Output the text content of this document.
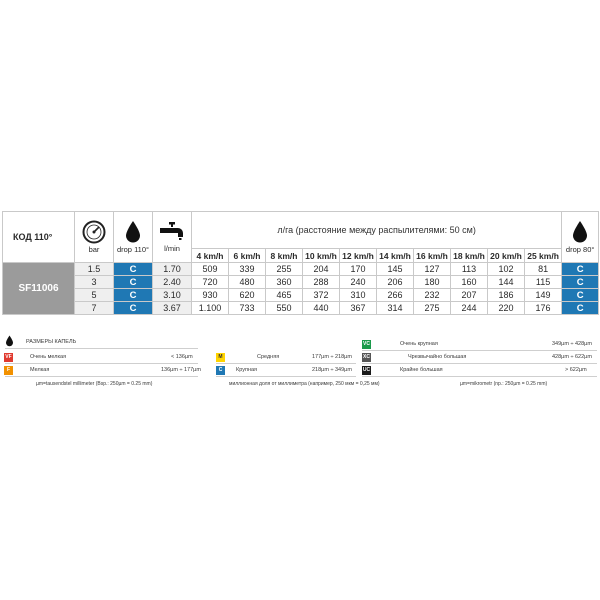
КОД 110°	bar	drop 110°	l/min	л/га (расстояние между распылителями: 50 см)										drop 80°

				4 km/h	6 km/h	8 km/h	10 km/h	12 km/h	14 km/h	16 km/h	18 km/h	20 km/h	25 km/h	
SF11006	1.5	C	1.70	509	339	255	204	170	145	127	113	102	81	C
	3	C	2.40	720	480	360	288	240	206	180	160	144	115	C
	5	C	3.10	930	620	465	372	310	266	232	207	186	149	C
	7	C	3.67	1.100	733	550	440	367	314	275	244	220	176	C
РАЗМЕРЫ КАПЕЛЬ
VF	Очень мелкая	< 136µm
F	Мелкая	136µm ÷ 177µm
M	Средняя	177µm ÷ 218µm
C	Крупная	218µm ÷ 349µm
VC	Очень крупная	349µm ÷ 428µm
XC	Чрезвычайно большая	428µm ÷ 622µm
UC	Крайне большая	> 622µm
µm=tausendstel millimeter (Bsp.: 250µm = 0.25 mm)	миллионная доля от миллиметра (например, 250 мкм = 0,25 мм)	µm=mikrometr (np.: 250µm = 0.25 mm)
